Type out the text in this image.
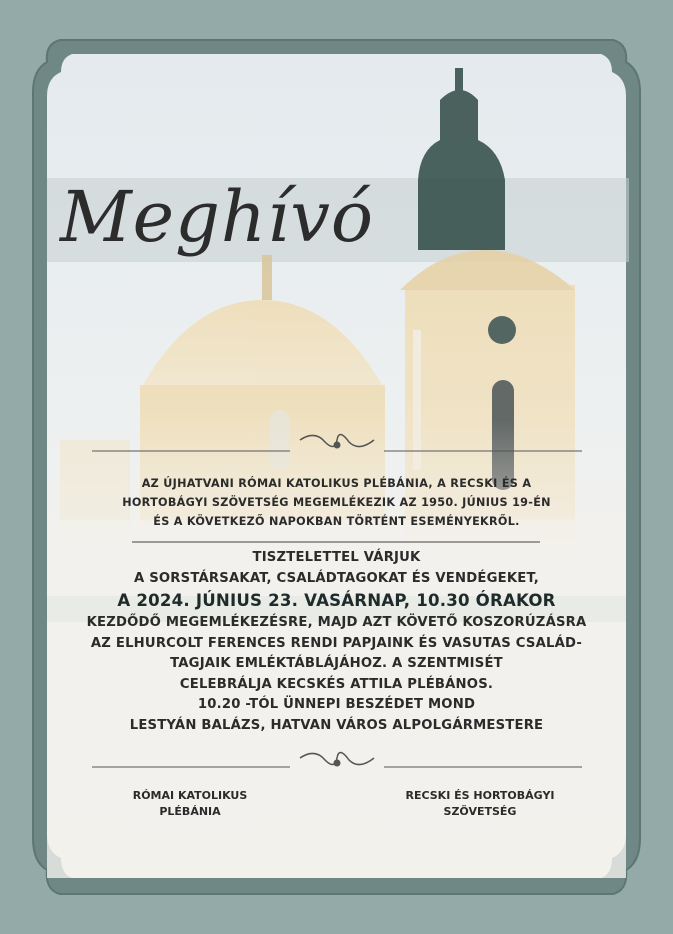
Meghívó
AZ ÚJHATVANI RÓMAI KATOLIKUS PLÉBÁNIA, A RECSKI ÉS A
HORTOBÁGYI SZÖVETSÉG MEGEMLÉKEZIK AZ 1950. JÚNIUS 19-ÉN
ÉS A KÖVETKEZŐ NAPOKBAN TÖRTÉNT ESEMÉNYEKRŐL.
TISZTELETTEL VÁRJUK
A SORSTÁRSAKAT, CSALÁDTAGOKAT ÉS VENDÉGEKET,
A 2024. JÚNIUS 23. VASÁRNAP, 10.30 ÓRAKOR
KEZDŐDŐ MEGEMLÉKEZÉSRE, MAJD AZT KÖVETŐ KOSZORÚZÁSRA
AZ ELHURCOLT FERENCES RENDI PAPJAINK ÉS VASUTAS CSALÁD-
TAGJAIK EMLÉKTÁBLÁJÁHOZ. A SZENTMISÉT
CELEBRÁLJA KECSKÉS ATTILA PLÉBÁNOS.
10.20 -TÓL ÜNNEPI BESZÉDET MOND
LESTYÁN BALÁZS, HATVAN VÁROS ALPOLGÁRMESTERE
RÓMAI KATOLIKUS
PLÉBÁNIA
RECSKI ÉS HORTOBÁGYI
SZÖVETSÉG
